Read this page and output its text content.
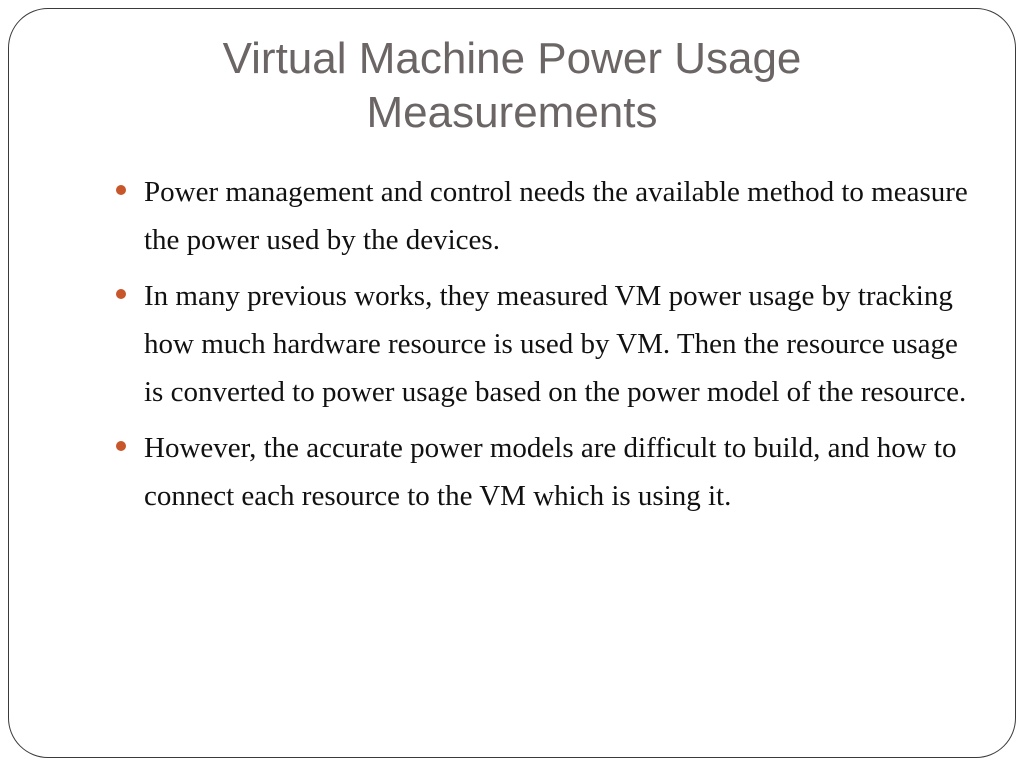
Virtual Machine Power Usage Measurements
Power management and control needs the available method to measure the power used by the devices.
In many previous works, they measured VM power usage by tracking how much hardware resource is used by VM. Then the resource usage is converted to power usage based on the power model of the resource.
However, the accurate power models are difficult to build, and how to connect each resource to the VM which is using it.
